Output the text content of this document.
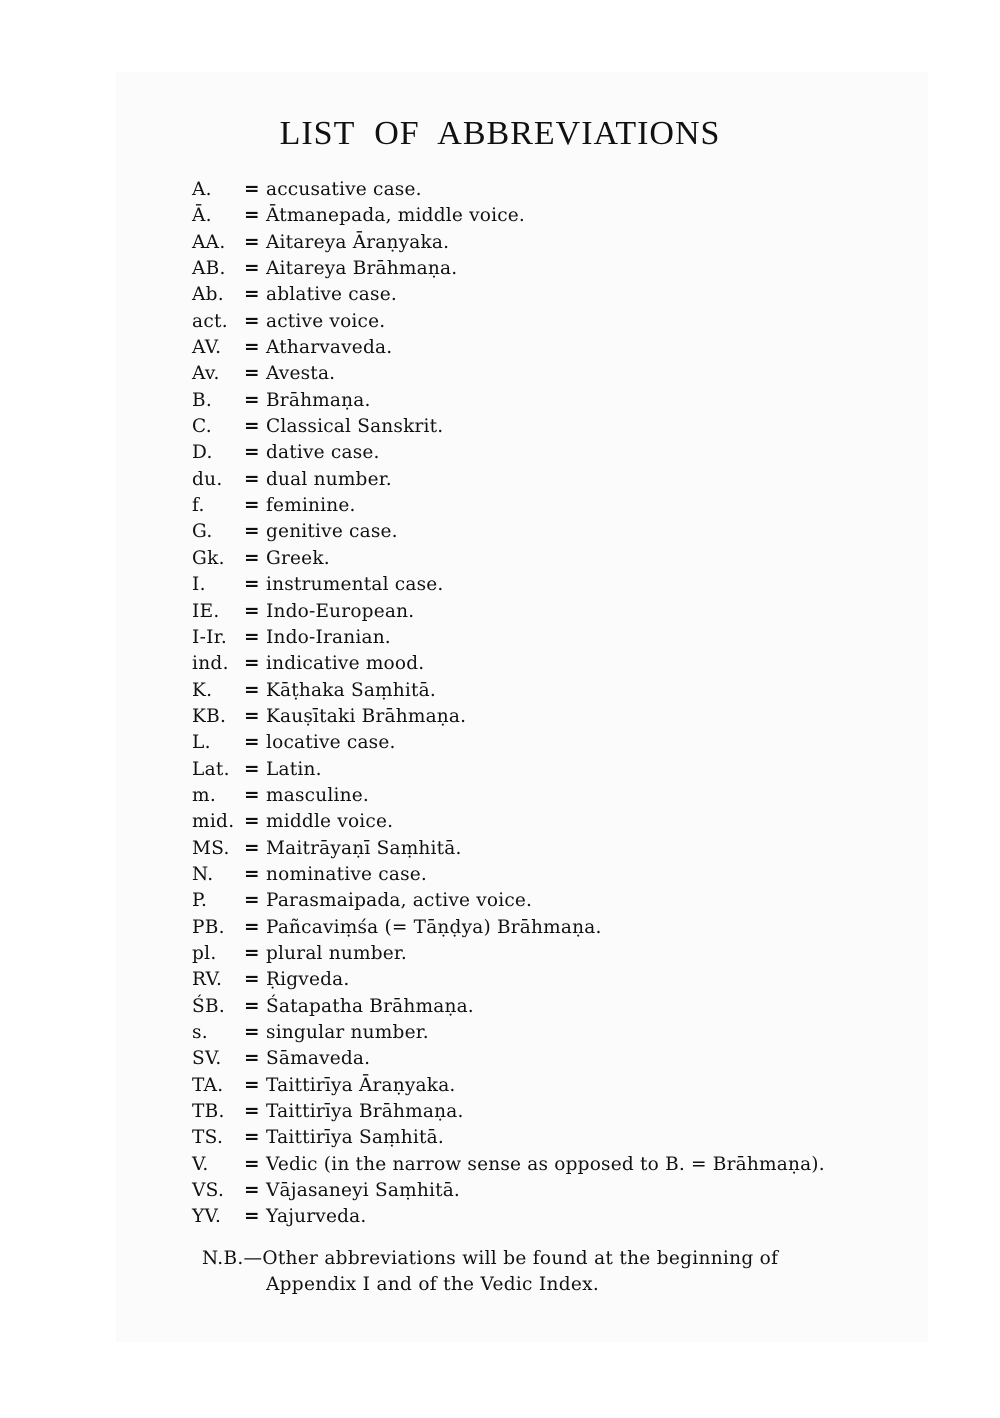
LIST OF ABBREVIATIONS
A. = accusative case.
Ā. = Ātmanepada, middle voice.
AA. = Aitareya Āraṇyaka.
AB. = Aitareya Brāhmaṇa.
Ab. = ablative case.
act. = active voice.
AV. = Atharvaveda.
Av. = Avesta.
B. = Brāhmaṇa.
C. = Classical Sanskrit.
D. = dative case.
du. = dual number.
f. = feminine.
G. = genitive case.
Gk. = Greek.
I. = instrumental case.
IE. = Indo-European.
I-Ir. = Indo-Iranian.
ind. = indicative mood.
K. = Kāṭhaka Saṃhitā.
KB. = Kauṣītaki Brāhmaṇa.
L. = locative case.
Lat. = Latin.
m. = masculine.
mid. = middle voice.
MS. = Maitrāyaṇī Saṃhitā.
N. = nominative case.
P. = Parasmaipada, active voice.
PB. = Pañcaviṃśa (= Tāṇḍya) Brāhmaṇa.
pl. = plural number.
RV. = Ṛigveda.
ŚB. = Śatapatha Brāhmaṇa.
s. = singular number.
SV. = Sāmaveda.
TA. = Taittirīya Āraṇyaka.
TB. = Taittirīya Brāhmaṇa.
TS. = Taittirīya Saṃhitā.
V. = Vedic (in the narrow sense as opposed to B. = Brāhmaṇa).
VS. = Vājasaneyi Saṃhitā.
YV. = Yajurveda.
N.B.—Other abbreviations will be found at the beginning of
Appendix I and of the Vedic Index.
